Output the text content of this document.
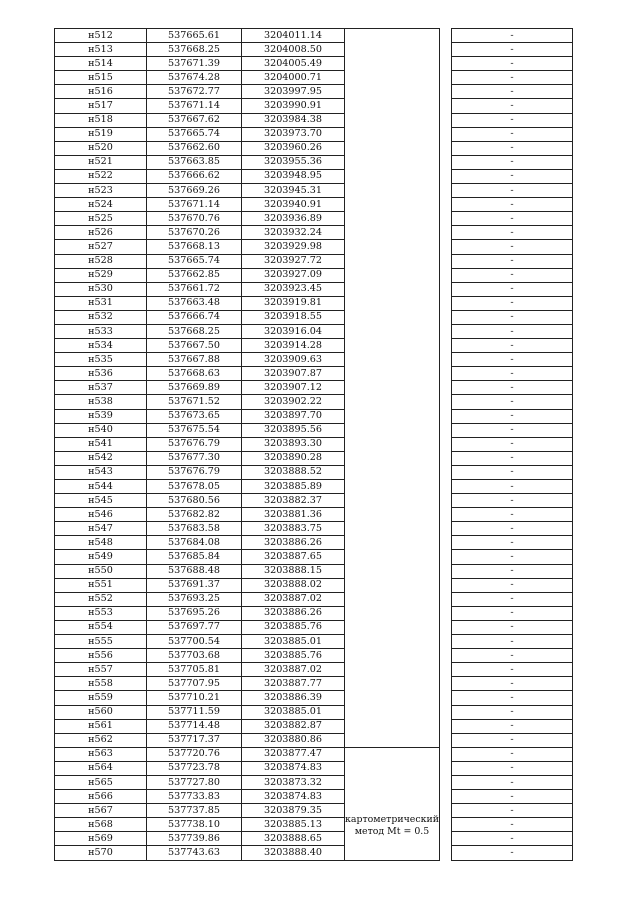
н512	537665.61	3204011.14			-
н513	537668.25	3204008.50			-
н514	537671.39	3204005.49			-
н515	537674.28	3204000.71			-
н516	537672.77	3203997.95			-
н517	537671.14	3203990.91			-
н518	537667.62	3203984.38			-
н519	537665.74	3203973.70			-
н520	537662.60	3203960.26			-
н521	537663.85	3203955.36			-
н522	537666.62	3203948.95			-
н523	537669.26	3203945.31			-
н524	537671.14	3203940.91			-
н525	537670.76	3203936.89			-
н526	537670.26	3203932.24			-
н527	537668.13	3203929.98			-
н528	537665.74	3203927.72			-
н529	537662.85	3203927.09			-
н530	537661.72	3203923.45			-
н531	537663.48	3203919.81			-
н532	537666.74	3203918.55			-
н533	537668.25	3203916.04			-
н534	537667.50	3203914.28			-
н535	537667.88	3203909.63			-
н536	537668.63	3203907.87			-
н537	537669.89	3203907.12			-
н538	537671.52	3203902.22			-
н539	537673.65	3203897.70			-
н540	537675.54	3203895.56			-
н541	537676.79	3203893.30			-
н542	537677.30	3203890.28			-
н543	537676.79	3203888.52			-
н544	537678.05	3203885.89			-
н545	537680.56	3203882.37			-
н546	537682.82	3203881.36			-
н547	537683.58	3203883.75			-
н548	537684.08	3203886.26			-
н549	537685.84	3203887.65			-
н550	537688.48	3203888.15			-
н551	537691.37	3203888.02			-
н552	537693.25	3203887.02			-
н553	537695.26	3203886.26			-
н554	537697.77	3203885.76			-
н555	537700.54	3203885.01			-
н556	537703.68	3203885.76			-
н557	537705.81	3203887.02			-
н558	537707.95	3203887.77			-
н559	537710.21	3203886.39			-
н560	537711.59	3203885.01			-
н561	537714.48	3203882.87			-
н562	537717.37	3203880.86			-
н563	537720.76	3203877.47	картометрический
метод Mt = 0.5		-
н564	537723.78	3203874.83			-
н565	537727.80	3203873.32			-
н566	537733.83	3203874.83			-
н567	537737.85	3203879.35			-
н568	537738.10	3203885.13			-
н569	537739.86	3203888.65			-
н570	537743.63	3203888.40			-
